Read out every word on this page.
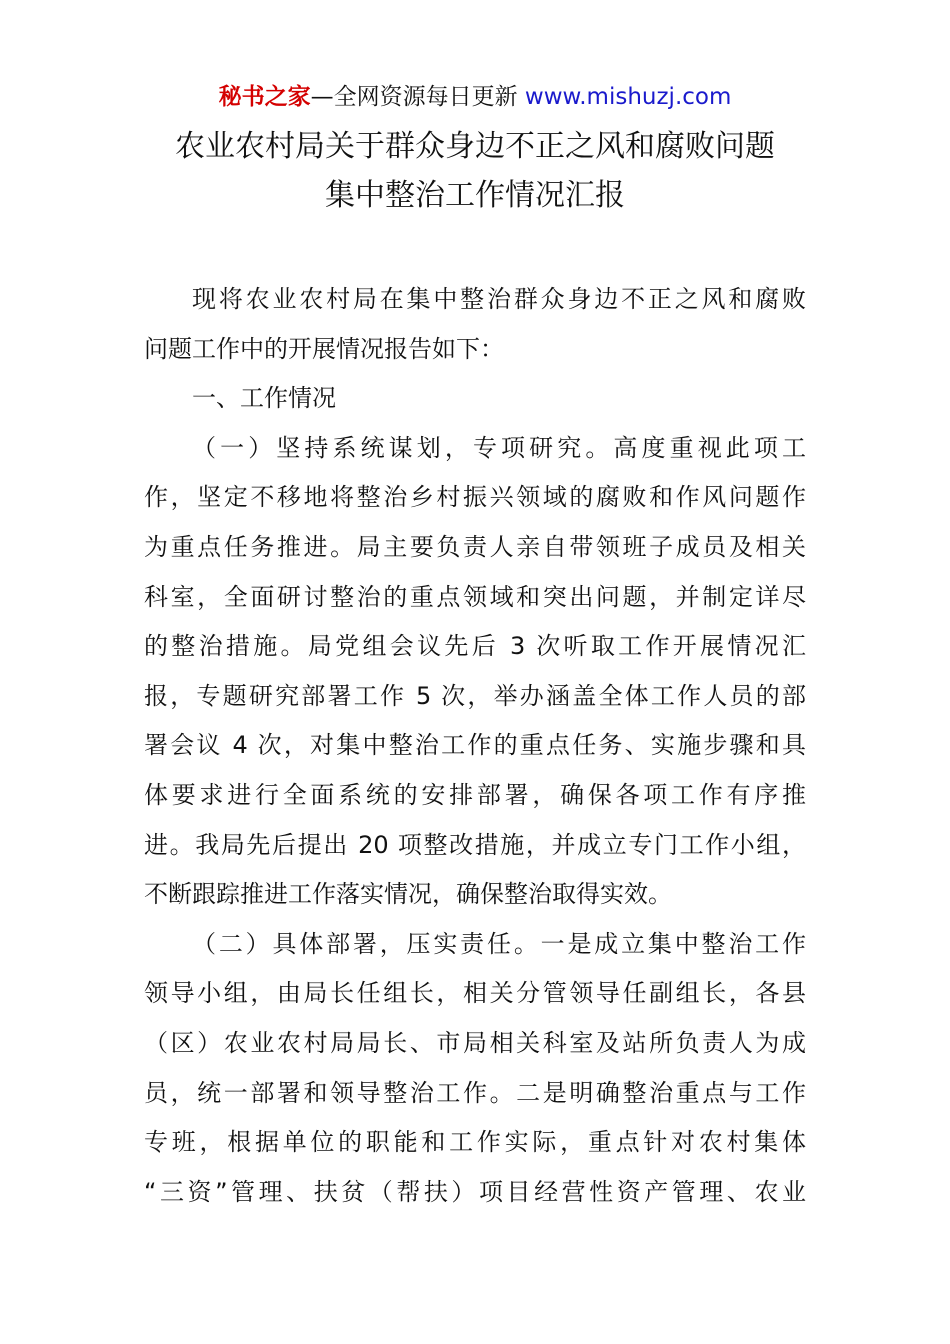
秘书之家—全网资源每日更新 www.mishuzj.com
农业农村局关于群众身边不正之风和腐败问题
集中整治工作情况汇报

现将农业农村局在集中整治群众身边不正之风和腐败
问题工作中的开展情况报告如下：

一、工作情况

（一）坚持系统谋划，专项研究。高度重视此项工
作，坚定不移地将整治乡村振兴领域的腐败和作风问题作
为重点任务推进。局主要负责人亲自带领班子成员及相关
科室，全面研讨整治的重点领域和突出问题，并制定详尽
的整治措施。局党组会议先后 3 次听取工作开展情况汇
报，专题研究部署工作 5 次，举办涵盖全体工作人员的部
署会议 4 次，对集中整治工作的重点任务、实施步骤和具
体要求进行全面系统的安排部署，确保各项工作有序推
进。我局先后提出 20 项整改措施，并成立专门工作小组，
不断跟踪推进工作落实情况，确保整治取得实效。

（二）具体部署，压实责任。一是成立集中整治工作
领导小组，由局长任组长，相关分管领导任副组长，各县
（区）农业农村局局长、市局相关科室及站所负责人为成
员，统一部署和领导整治工作。二是明确整治重点与工作
专班，根据单位的职能和工作实际，重点针对农村集体
“三资”管理、扶贫（帮扶）项目经营性资产管理、农业
